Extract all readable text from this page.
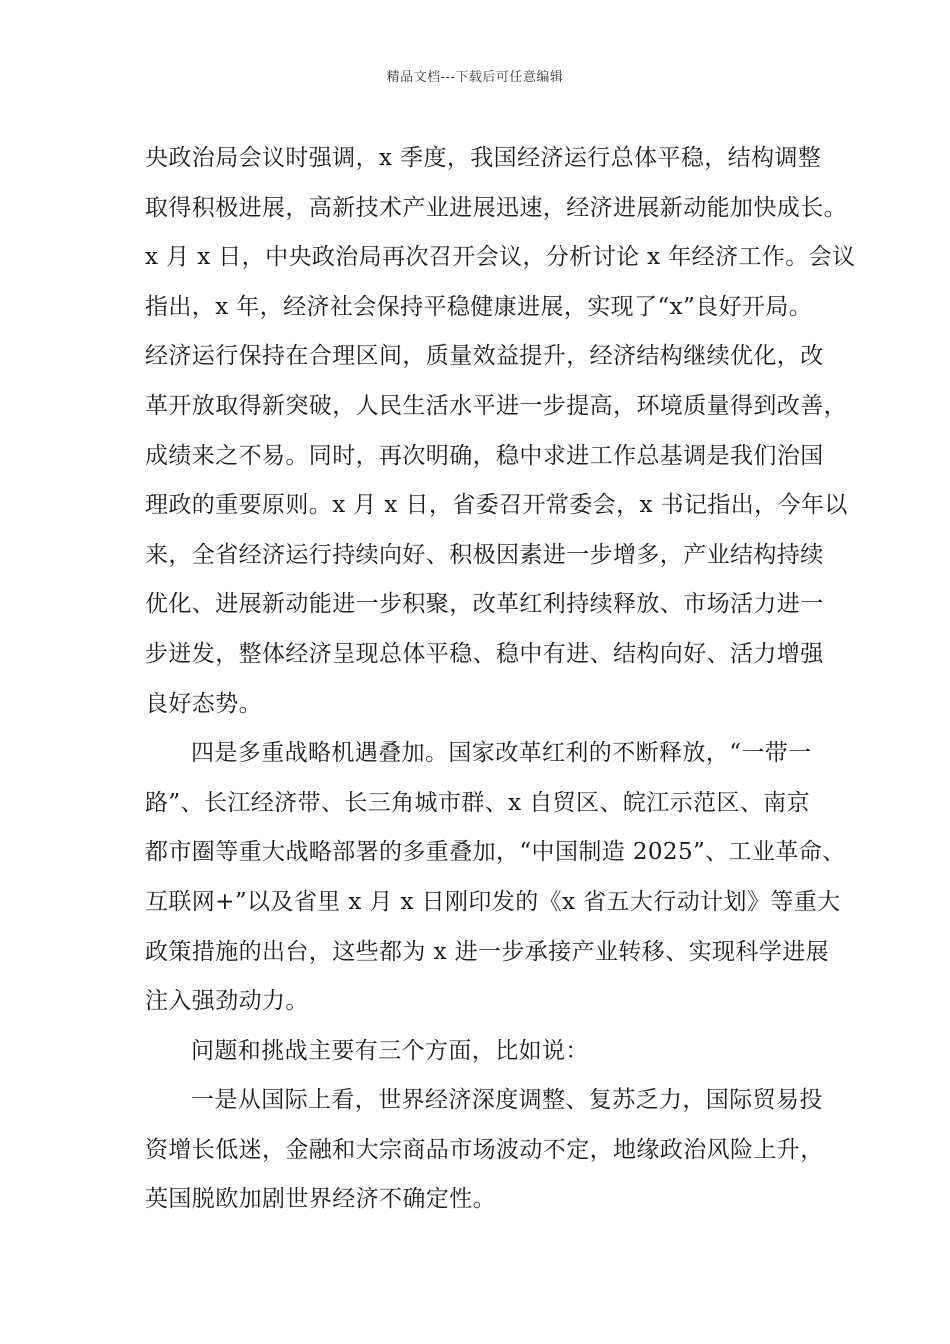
精品文档---下载后可任意编辑
央政治局会议时强调，x 季度，我国经济运行总体平稳，结构调整
取得积极进展，高新技术产业进展迅速，经济进展新动能加快成长。
x 月 x 日，中央政治局再次召开会议，分析讨论 x 年经济工作。会议
指出，x 年，经济社会保持平稳健康进展，实现了“x”良好开局。
经济运行保持在合理区间，质量效益提升，经济结构继续优化，改
革开放取得新突破，人民生活水平进一步提高，环境质量得到改善，
成绩来之不易。同时，再次明确，稳中求进工作总基调是我们治国
理政的重要原则。x 月 x 日，省委召开常委会，x 书记指出，今年以
来，全省经济运行持续向好、积极因素进一步增多，产业结构持续
优化、进展新动能进一步积聚，改革红利持续释放、市场活力进一
步迸发，整体经济呈现总体平稳、稳中有进、结构向好、活力增强
良好态势。
四是多重战略机遇叠加。国家改革红利的不断释放，“一带一
路”、长江经济带、长三角城市群、x 自贸区、皖江示范区、南京
都市圈等重大战略部署的多重叠加，“中国制造 2025”、工业革命、
互联网+”以及省里 x 月 x 日刚印发的《x 省五大行动计划》等重大
政策措施的出台，这些都为 x 进一步承接产业转移、实现科学进展
注入强劲动力。
问题和挑战主要有三个方面，比如说：
一是从国际上看，世界经济深度调整、复苏乏力，国际贸易投
资增长低迷，金融和大宗商品市场波动不定，地缘政治风险上升，
英国脱欧加剧世界经济不确定性。
